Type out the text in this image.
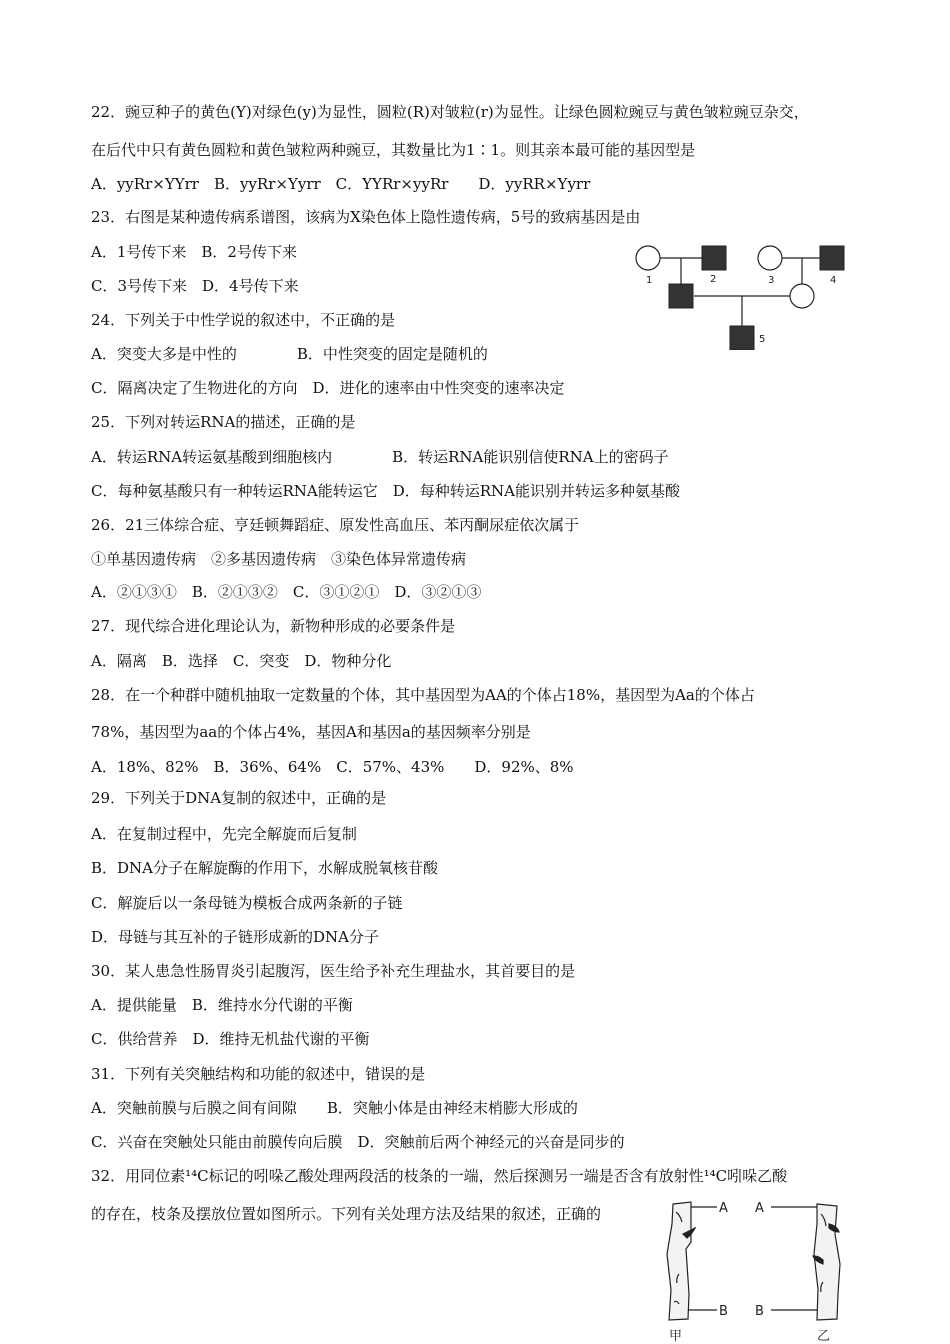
22．豌豆种子的黄色(Y)对绿色(y)为显性，圆粒(R)对皱粒(r)为显性。让绿色圆粒豌豆与黄色皱粒豌豆杂交，
在后代中只有黄色圆粒和黄色皱粒两种豌豆，其数量比为1∶1。则其亲本最可能的基因型是
A．yyRr×YYrr　B．yyRr×Yyrr　C．YYRr×yyRr　　D．yyRR×Yyrr
23．右图是某种遗传病系谱图，该病为X染色体上隐性遗传病，5号的致病基因是由
A．1号传下来　B．2号传下来
C．3号传下来　D．4号传下来
24．下列关于中性学说的叙述中，不正确的是
A．突变大多是中性的　　　　B．中性突变的固定是随机的
C．隔离决定了生物进化的方向　D．进化的速率由中性突变的速率决定
25．下列对转运RNA的描述，正确的是
A．转运RNA转运氨基酸到细胞核内　　　　B．转运RNA能识别信使RNA上的密码子
C．每种氨基酸只有一种转运RNA能转运它　D．每种转运RNA能识别并转运多种氨基酸
26．21三体综合症、亨廷顿舞蹈症、原发性高血压、苯丙酮尿症依次属于
①单基因遗传病　②多基因遗传病　③染色体异常遗传病
A．②①③①　B．②①③②　C．③①②①　D．③②①③
27．现代综合进化理论认为，新物种形成的必要条件是
A．隔离　B．选择　C．突变　D．物种分化
28．在一个种群中随机抽取一定数量的个体，其中基因型为AA的个体占18%，基因型为Aa的个体占
78%，基因型为aa的个体占4%，基因A和基因a的基因频率分别是
A．18%、82%　B．36%、64%　C．57%、43%　　D．92%、8%
29．下列关于DNA复制的叙述中，正确的是
A．在复制过程中，先完全解旋而后复制
B．DNA分子在解旋酶的作用下，水解成脱氧核苷酸
C．解旋后以一条母链为模板合成两条新的子链
D．母链与其互补的子链形成新的DNA分子
30．某人患急性肠胃炎引起腹泻，医生给予补充生理盐水，其首要目的是
A．提供能量　B．维持水分代谢的平衡
C．供给营养　D．维持无机盐代谢的平衡
31．下列有关突触结构和功能的叙述中，错误的是
A．突触前膜与后膜之间有间隙　　B．突触小体是由神经末梢膨大形成的
C．兴奋在突触处只能由前膜传向后膜　D．突触前后两个神经元的兴奋是同步的
32．用同位素¹⁴C标记的吲哚乙酸处理两段活的枝条的一端，然后探测另一端是否含有放射性¹⁴C吲哚乙酸
的存在，枝条及摆放位置如图所示。下列有关处理方法及结果的叙述，正确的
1	2	3	4
5
A
B
A
B
甲	乙
